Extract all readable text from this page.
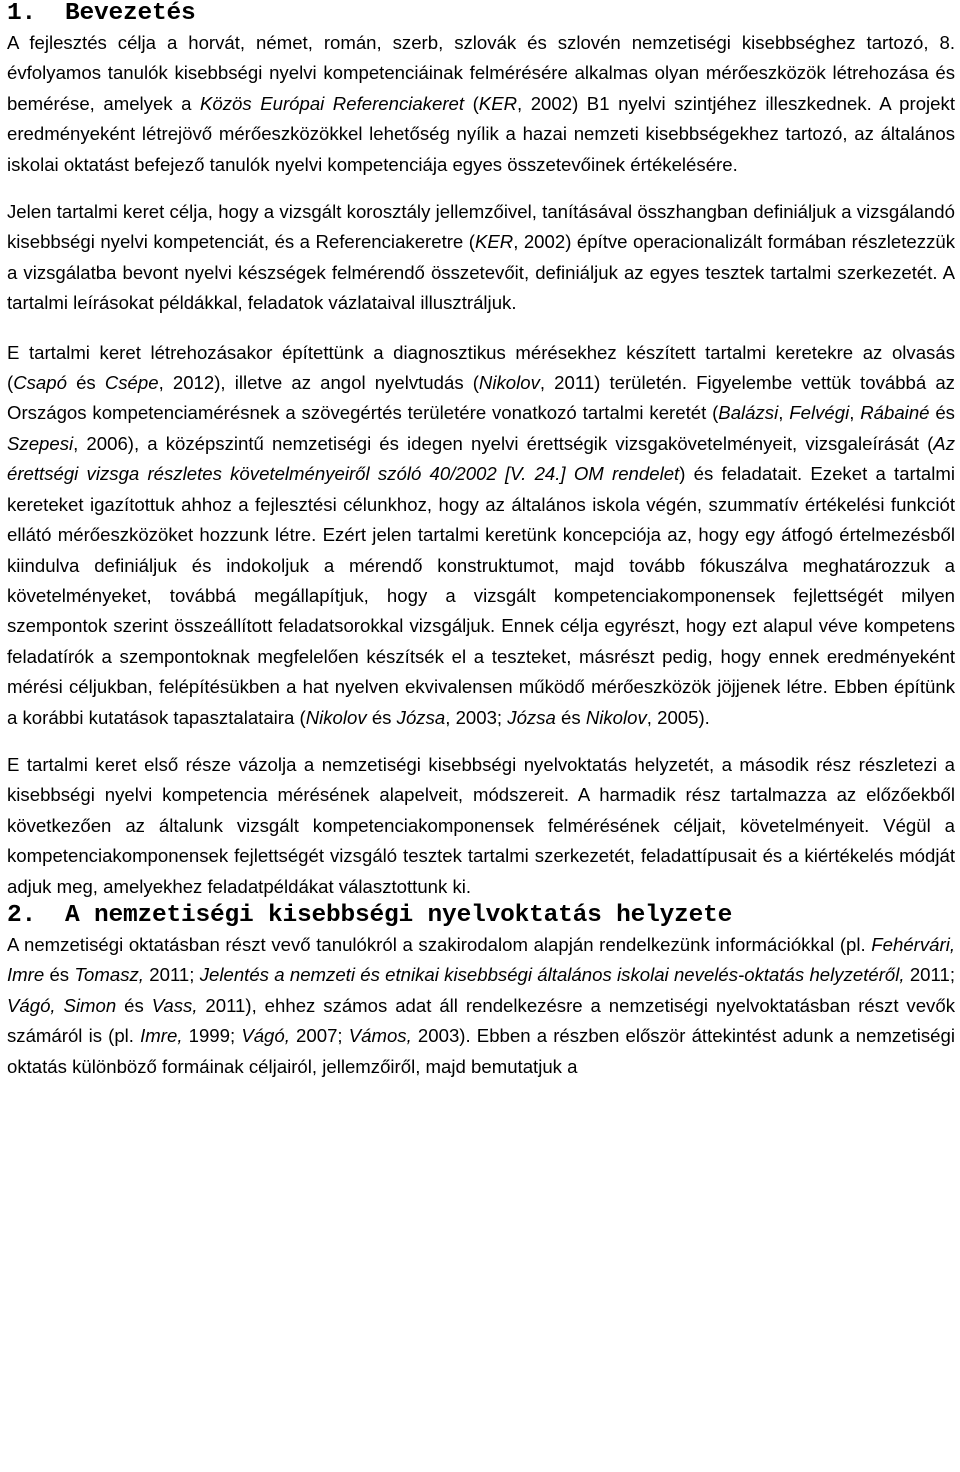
1. Bevezetés

A fejlesztés célja a horvát, német, román, szerb, szlovák és szlovén nemzetiségi kisebbséghez tartozó, 8. évfolyamos tanulók kisebbségi nyelvi kompetenciáinak felmérésére alkalmas olyan mérőeszközök létrehozása és bemérése, amelyek a Közös Európai Referenciakeret (KER, 2002) B1 nyelvi szintjéhez illeszkednek. A projekt eredményeként létrejövő mérőeszközökkel lehetőség nyílik a hazai nemzeti kisebbségekhez tartozó, az általános iskolai oktatást befejező tanulók nyelvi kompetenciája egyes összetevőinek értékelésére.

Jelen tartalmi keret célja, hogy a vizsgált korosztály jellemzőivel, tanításával összhangban definiáljuk a vizsgálandó kisebbségi nyelvi kompetenciát, és a Referenciakeretre (KER, 2002) építve operacionalizált formában részletezzük a vizsgálatba bevont nyelvi készségek felmérendő összetevőit, definiáljuk az egyes tesztek tartalmi szerkezetét. A tartalmi leírásokat példákkal, feladatok vázlataival illusztráljuk.

E tartalmi keret létrehozásakor építettünk a diagnosztikus mérésekhez készített tartalmi keretekre az olvasás (Csapó és Csépe, 2012), illetve az angol nyelvtudás (Nikolov, 2011) területén. Figyelembe vettük továbbá az Országos kompetenciamérésnek a szövegértés területére vonatkozó tartalmi keretét (Balázsi, Felvégi, Rábainé és Szepesi, 2006), a középszintű nemzetiségi és idegen nyelvi érettségik vizsgakövetelményeit, vizsgaleírását (Az érettségi vizsga részletes követelményeiről szóló 40/2002 [V. 24.] OM rendelet) és feladatait. Ezeket a tartalmi kereteket igazítottuk ahhoz a fejlesztési célunkhoz, hogy az általános iskola végén, szummatív értékelési funkciót ellátó mérőeszközöket hozzunk létre. Ezért jelen tartalmi keretünk koncepciója az, hogy egy átfogó értelmezésből kiindulva definiáljuk és indokoljuk a mérendő konstruktumot, majd tovább fókuszálva meghatározzuk a követelményeket, továbbá megállapítjuk, hogy a vizsgált kompetenciakomponensek fejlettségét milyen szempontok szerint összeállított feladatsorokkal vizsgáljuk. Ennek célja egyrészt, hogy ezt alapul véve kompetens feladatírók a szempontoknak megfelelően készítsék el a teszteket, másrészt pedig, hogy ennek eredményeként mérési céljukban, felépítésükben a hat nyelven ekvivalensen működő mérőeszközök jöjjenek létre. Ebben építünk a korábbi kutatások tapasztalataira (Nikolov és Józsa, 2003; Józsa és Nikolov, 2005).

E tartalmi keret első része vázolja a nemzetiségi kisebbségi nyelvoktatás helyzetét, a második rész részletezi a kisebbségi nyelvi kompetencia mérésének alapelveit, módszereit. A harmadik rész tartalmazza az előzőekből következően az általunk vizsgált kompetenciakomponensek felmérésének céljait, követelményeit. Végül a kompetenciakomponensek fejlettségét vizsgáló tesztek tartalmi szerkezetét, feladattípusait és a kiértékelés módját adjuk meg, amelyekhez feladatpéldákat választottunk ki.

2. A nemzetiségi kisebbségi nyelvoktatás helyzete

A nemzetiségi oktatásban részt vevő tanulókról a szakirodalom alapján rendelkezünk információkkal (pl. Fehérvári, Imre és Tomasz, 2011; Jelentés a nemzeti és etnikai kisebbségi általános iskolai nevelés-oktatás helyzetéről, 2011; Vágó, Simon és Vass, 2011), ehhez számos adat áll rendelkezésre a nemzetiségi nyelvoktatásban részt vevők számáról is (pl. Imre, 1999; Vágó, 2007; Vámos, 2003). Ebben a részben először áttekintést adunk a nemzetiségi oktatás különböző formáinak céljairól, jellemzőiről, majd bemutatjuk a
